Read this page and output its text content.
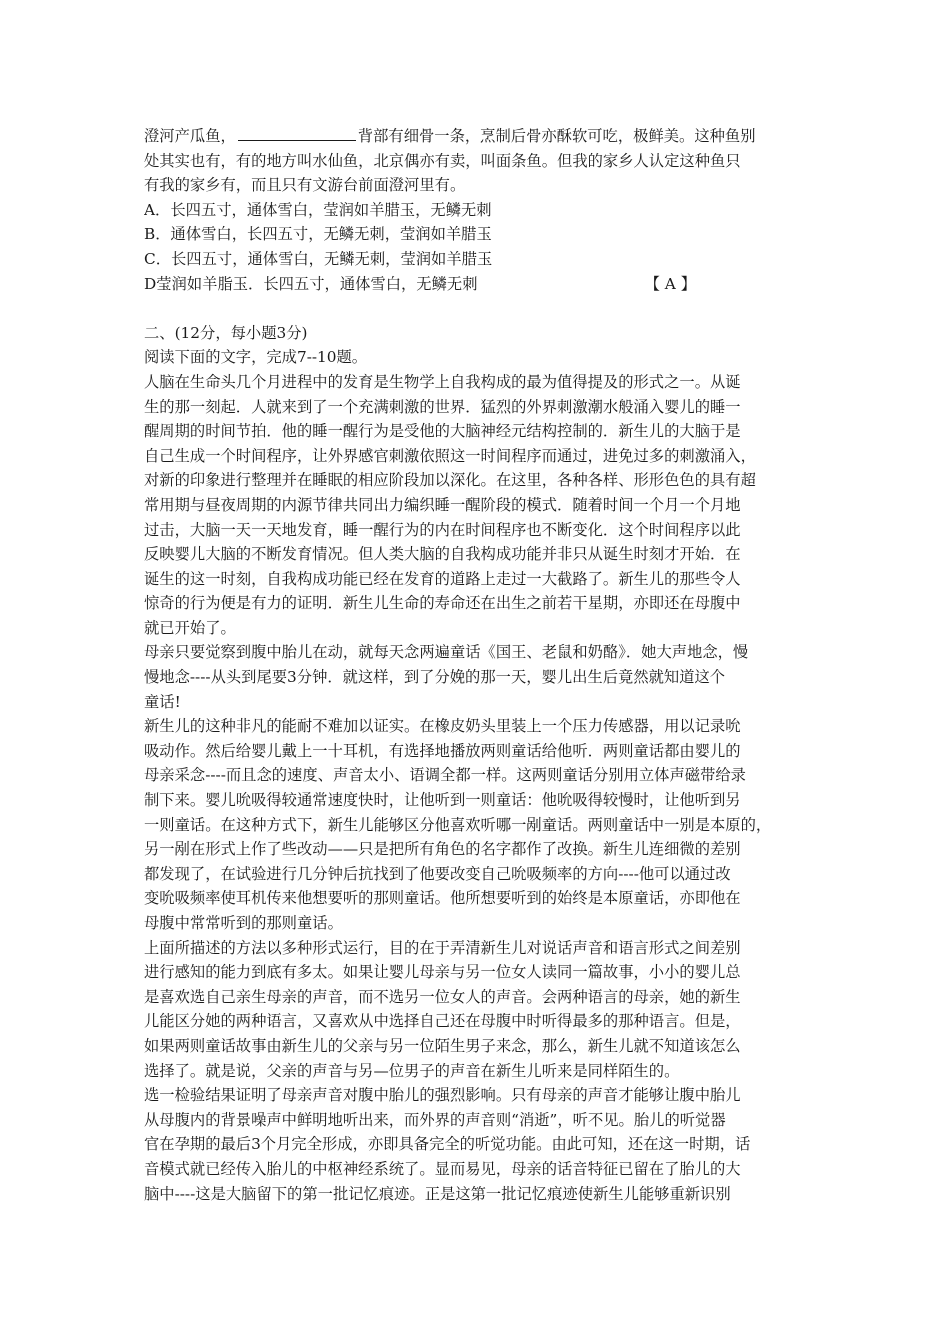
澄河产瓜鱼，	背部有细骨一条，烹制后骨亦酥软可吃，极鲜美。这种鱼别
处其实也有，有的地方叫水仙鱼，北京偶亦有卖，叫面条鱼。但我的家乡人认定这种鱼只
有我的家乡有，而且只有文游台前面澄河里有。
A．长四五寸，通体雪白，莹润如羊腊玉，无鳞无刺
B．通体雪白，长四五寸，无鳞无刺，莹润如羊腊玉
C．长四五寸，通体雪白，无鳞无刺，莹润如羊腊玉
D莹润如羊脂玉．长四五寸，通体雪白，无鳞无刺	【 A 】
二、(12分，每小题3分)
阅读下面的文字，完成7--10题。
人脑在生命头几个月进程中的发育是生物学上自我构成的最为值得提及的形式之一。从诞
生的那一刻起．人就来到了一个充满刺激的世界．猛烈的外界刺激潮水般涌入婴儿的睡一
醒周期的时间节拍．他的睡一醒行为是受他的大脑神经元结构控制的．新生儿的大脑于是
自己生成一个时间程序，让外界感官刺激依照这一时间程序而通过，进免过多的刺激涌入，
对新的印象进行整理并在睡眠的相应阶段加以深化。在这里，各种各样、形形色色的具有超
常用期与昼夜周期的内源节律共同出力编织睡一醒阶段的模式．随着时间一个月一个月地
过击，大脑一天一天地发育，睡一醒行为的内在时间程序也不断变化．这个时间程序以此
反映婴儿大脑的不断发育情况。但人类大脑的自我构成功能并非只从诞生时刻才开始．在
诞生的这一时刻，自我构成功能已经在发育的道路上走过一大截路了。新生儿的那些令人
惊奇的行为便是有力的证明．新生儿生命的寿命还在出生之前若干星期，亦即还在母腹中
就已开始了。
母亲只要觉察到腹中胎儿在动，就每天念两遍童话《国王、老鼠和奶酪》．她大声地念，慢
慢地念----从头到尾要3分钟．就这样，到了分娩的那一天，婴儿出生后竟然就知道这个
童话!
新生儿的这种非凡的能耐不难加以证实。在橡皮奶头里装上一个压力传感器，用以记录吮
吸动作。然后给婴儿戴上一十耳机，有选择地播放两则童话给他听．两则童话都由婴儿的
母亲采念----而且念的速度、声音太小、语调全都一样。这两则童话分别用立体声磁带给录
制下来。婴儿吮吸得较通常速度快时，让他听到一则童话：他吮吸得较慢时，让他听到另
一则童话。在这种方式下，新生儿能够区分他喜欢听哪一剐童话。两则童话中一别是本原的，
另一剐在形式上作了些改动——只是把所有角色的名字都作了改换。新生儿连细微的差别
都发现了，在试验进行几分钟后抗找到了他要改变自己吮吸频率的方向----他可以通过改
变吮吸频率使耳机传来他想要听的那则童话。他所想要听到的始终是本原童话，亦即他在
母腹中常常听到的那则童话。
上面所描述的方法以多种形式运行，目的在于弄清新生儿对说话声音和语言形式之间差别
进行感知的能力到底有多太。如果让婴儿母亲与另一位女人读同一篇故事，小小的婴儿总
是喜欢选自己亲生母亲的声音，而不选另一位女人的声音。会两种语言的母亲，她的新生
儿能区分她的两种语言，又喜欢从中选择自己还在母腹中时听得最多的那种语言。但是，
如果两则童话故事由新生儿的父亲与另一位陌生男子来念，那么，新生儿就不知道该怎么
选择了。就是说，父亲的声音与另—位男子的声音在新生儿听来是同样陌生的。
选一检验结果证明了母亲声音对腹中胎儿的强烈影响。只有母亲的声音才能够让腹中胎儿
从母腹内的背景噪声中鲜明地听出来，而外界的声音则“消逝”，听不见。胎儿的听觉器
官在孕期的最后3个月完全形成，亦即具备完全的听觉功能。由此可知，还在这一时期，话
音模式就已经传入胎儿的中枢神经系统了。显而易见，母亲的话音特征已留在了胎儿的大
脑中----这是大脑留下的第一批记忆痕迹。正是这第一批记忆痕迹使新生儿能够重新识别
